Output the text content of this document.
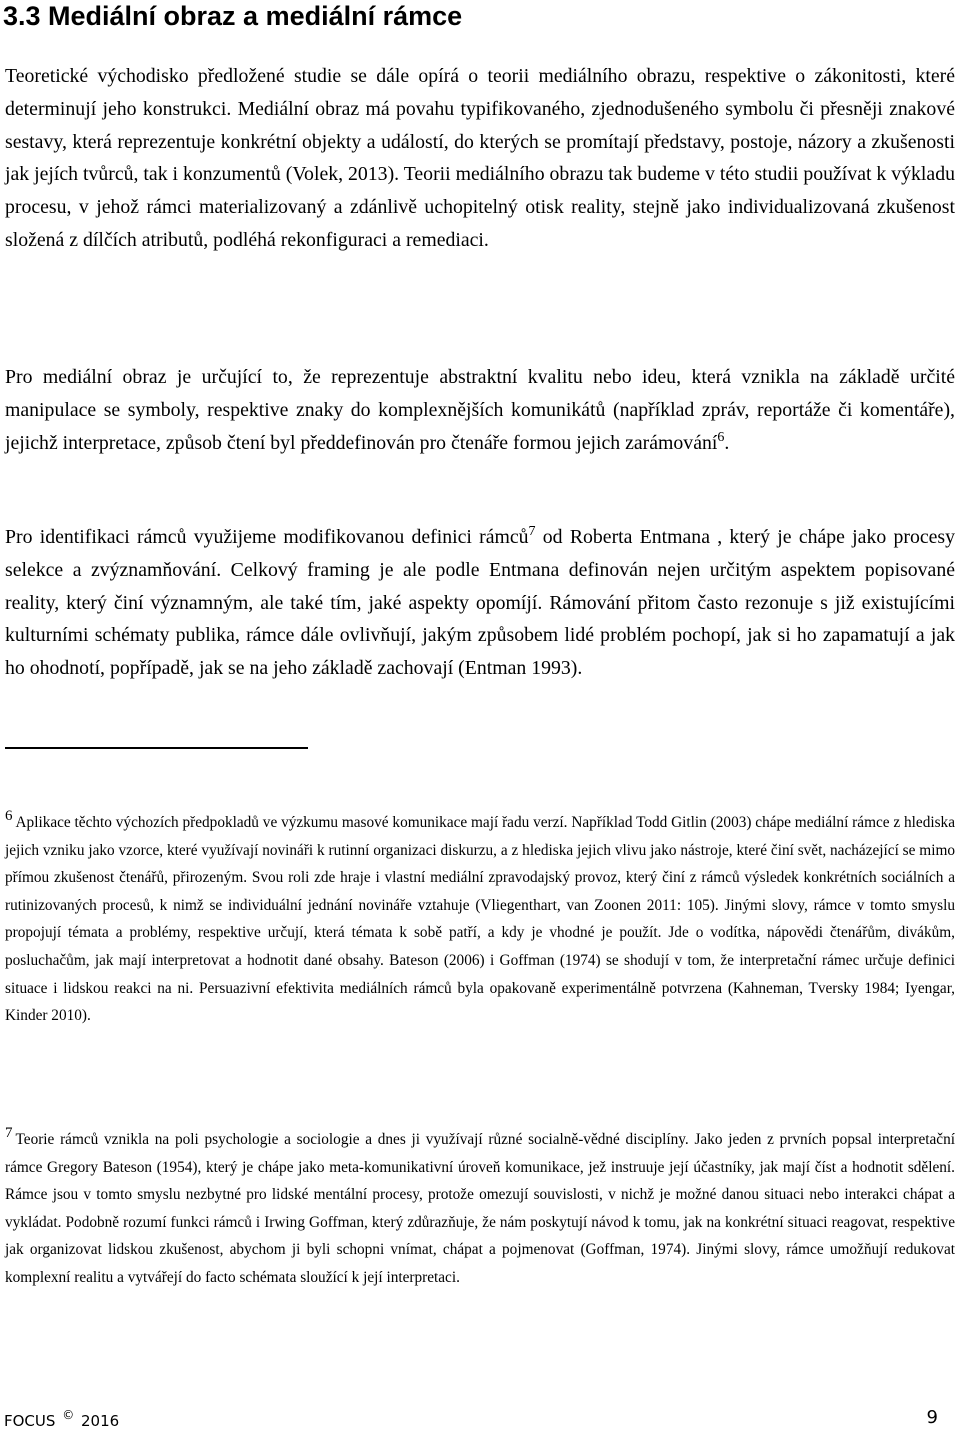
3.3 Mediální obraz a mediální rámce

Teoretické východisko předložené studie se dále opírá o teorii mediálního obrazu, respektive o zákonitosti, které determinují jeho konstrukci. Mediální obraz má povahu typifikovaného, zjednodušeného symbolu či přesněji znakové sestavy, která reprezentuje konkrétní objekty a událostí, do kterých se promítají představy, postoje, názory a zkušenosti jak jejích tvůrců, tak i konzumentů (Volek, 2013). Teorii mediálního obrazu tak budeme v této studii používat k výkladu procesu, v jehož rámci materializovaný a zdánlivě uchopitelný otisk reality, stejně jako individualizovaná zkušenost složená z dílčích atributů, podléhá rekonfiguraci a remediaci.

Pro mediální obraz je určující to, že reprezentuje abstraktní kvalitu nebo ideu, která vznikla na základě určité manipulace se symboly, respektive znaky do komplexnějších komunikátů (například zpráv, reportáže či komentáře), jejichž interpretace, způsob čtení byl předdefinován pro čtenáře formou jejich zarámování$^6$.

Pro identifikaci rámců využijeme modifikovanou definici rámců$^7$ od Roberta Entmana , který je chápe jako procesy selekce a zvýznamňování. Celkový framing je ale podle Entmana definován nejen určitým aspektem popisované reality, který činí významným, ale také tím, jaké aspekty opomíjí. Rámování přitom často rezonuje s již existujícími kulturními schématy publika, rámce dále ovlivňují, jakým způsobem lidé problém pochopí, jak si ho zapamatují a jak ho ohodnotí, popřípadě, jak se na jeho základě zachovají (Entman 1993).

6 Aplikace těchto výchozích předpokladů ve výzkumu masové komunikace mají řadu verzí. Například Todd Gitlin (2003) chápe mediální rámce z hlediska jejich vzniku jako vzorce, které využívají novináři k rutinní organizaci diskurzu, a z hlediska jejich vlivu jako nástroje, které činí svět, nacházející se mimo přímou zkušenost čtenářů, přirozeným. Svou roli zde hraje i vlastní mediální zpravodajský provoz, který činí z rámců výsledek konkrétních sociálních a rutinizovaných procesů, k nimž se individuální jednání novináře vztahuje (Vliegenthart, van Zoonen 2011: 105). Jinými slovy, rámce v tomto smyslu propojují témata a problémy, respektive určují, která témata k sobě patří, a kdy je vhodné je použít. Jde o vodítka, nápovědi čtenářům, divákům, posluchačům, jak mají interpretovat a hodnotit dané obsahy. Bateson (2006) i Goffman (1974) se shodují v tom, že interpretační rámec určuje definici situace i lidskou reakci na ni. Persuazivní efektivita mediálních rámců byla opakovaně experimentálně potvrzena (Kahneman, Tversky 1984; Iyengar, Kinder 2010).

7 Teorie rámců vznikla na poli psychologie a sociologie a dnes ji využívají různé socialně-vědné disciplíny. Jako jeden z prvních popsal interpretační rámce Gregory Bateson (1954), který je chápe jako meta-komunikativní úroveň komunikace, jež instruuje její účastníky, jak mají číst a hodnotit sdělení. Rámce jsou v tomto smyslu nezbytné pro lidské mentální procesy, protože omezují souvislosti, v nichž je možné danou situaci nebo interakci chápat a vykládat. Podobně rozumí funkci rámců i Irwing Goffman, který zdůrazňuje, že nám poskytují návod k tomu, jak na konkrétní situaci reagovat, respektive jak organizovat lidskou zkušenost, abychom ji byli schopni vnímat, chápat a pojmenovat (Goffman, 1974). Jinými slovy, rámce umožňují redukovat komplexní realitu a vytvářejí do facto schémata sloužící k její interpretaci.

FOCUS © 2016	9
